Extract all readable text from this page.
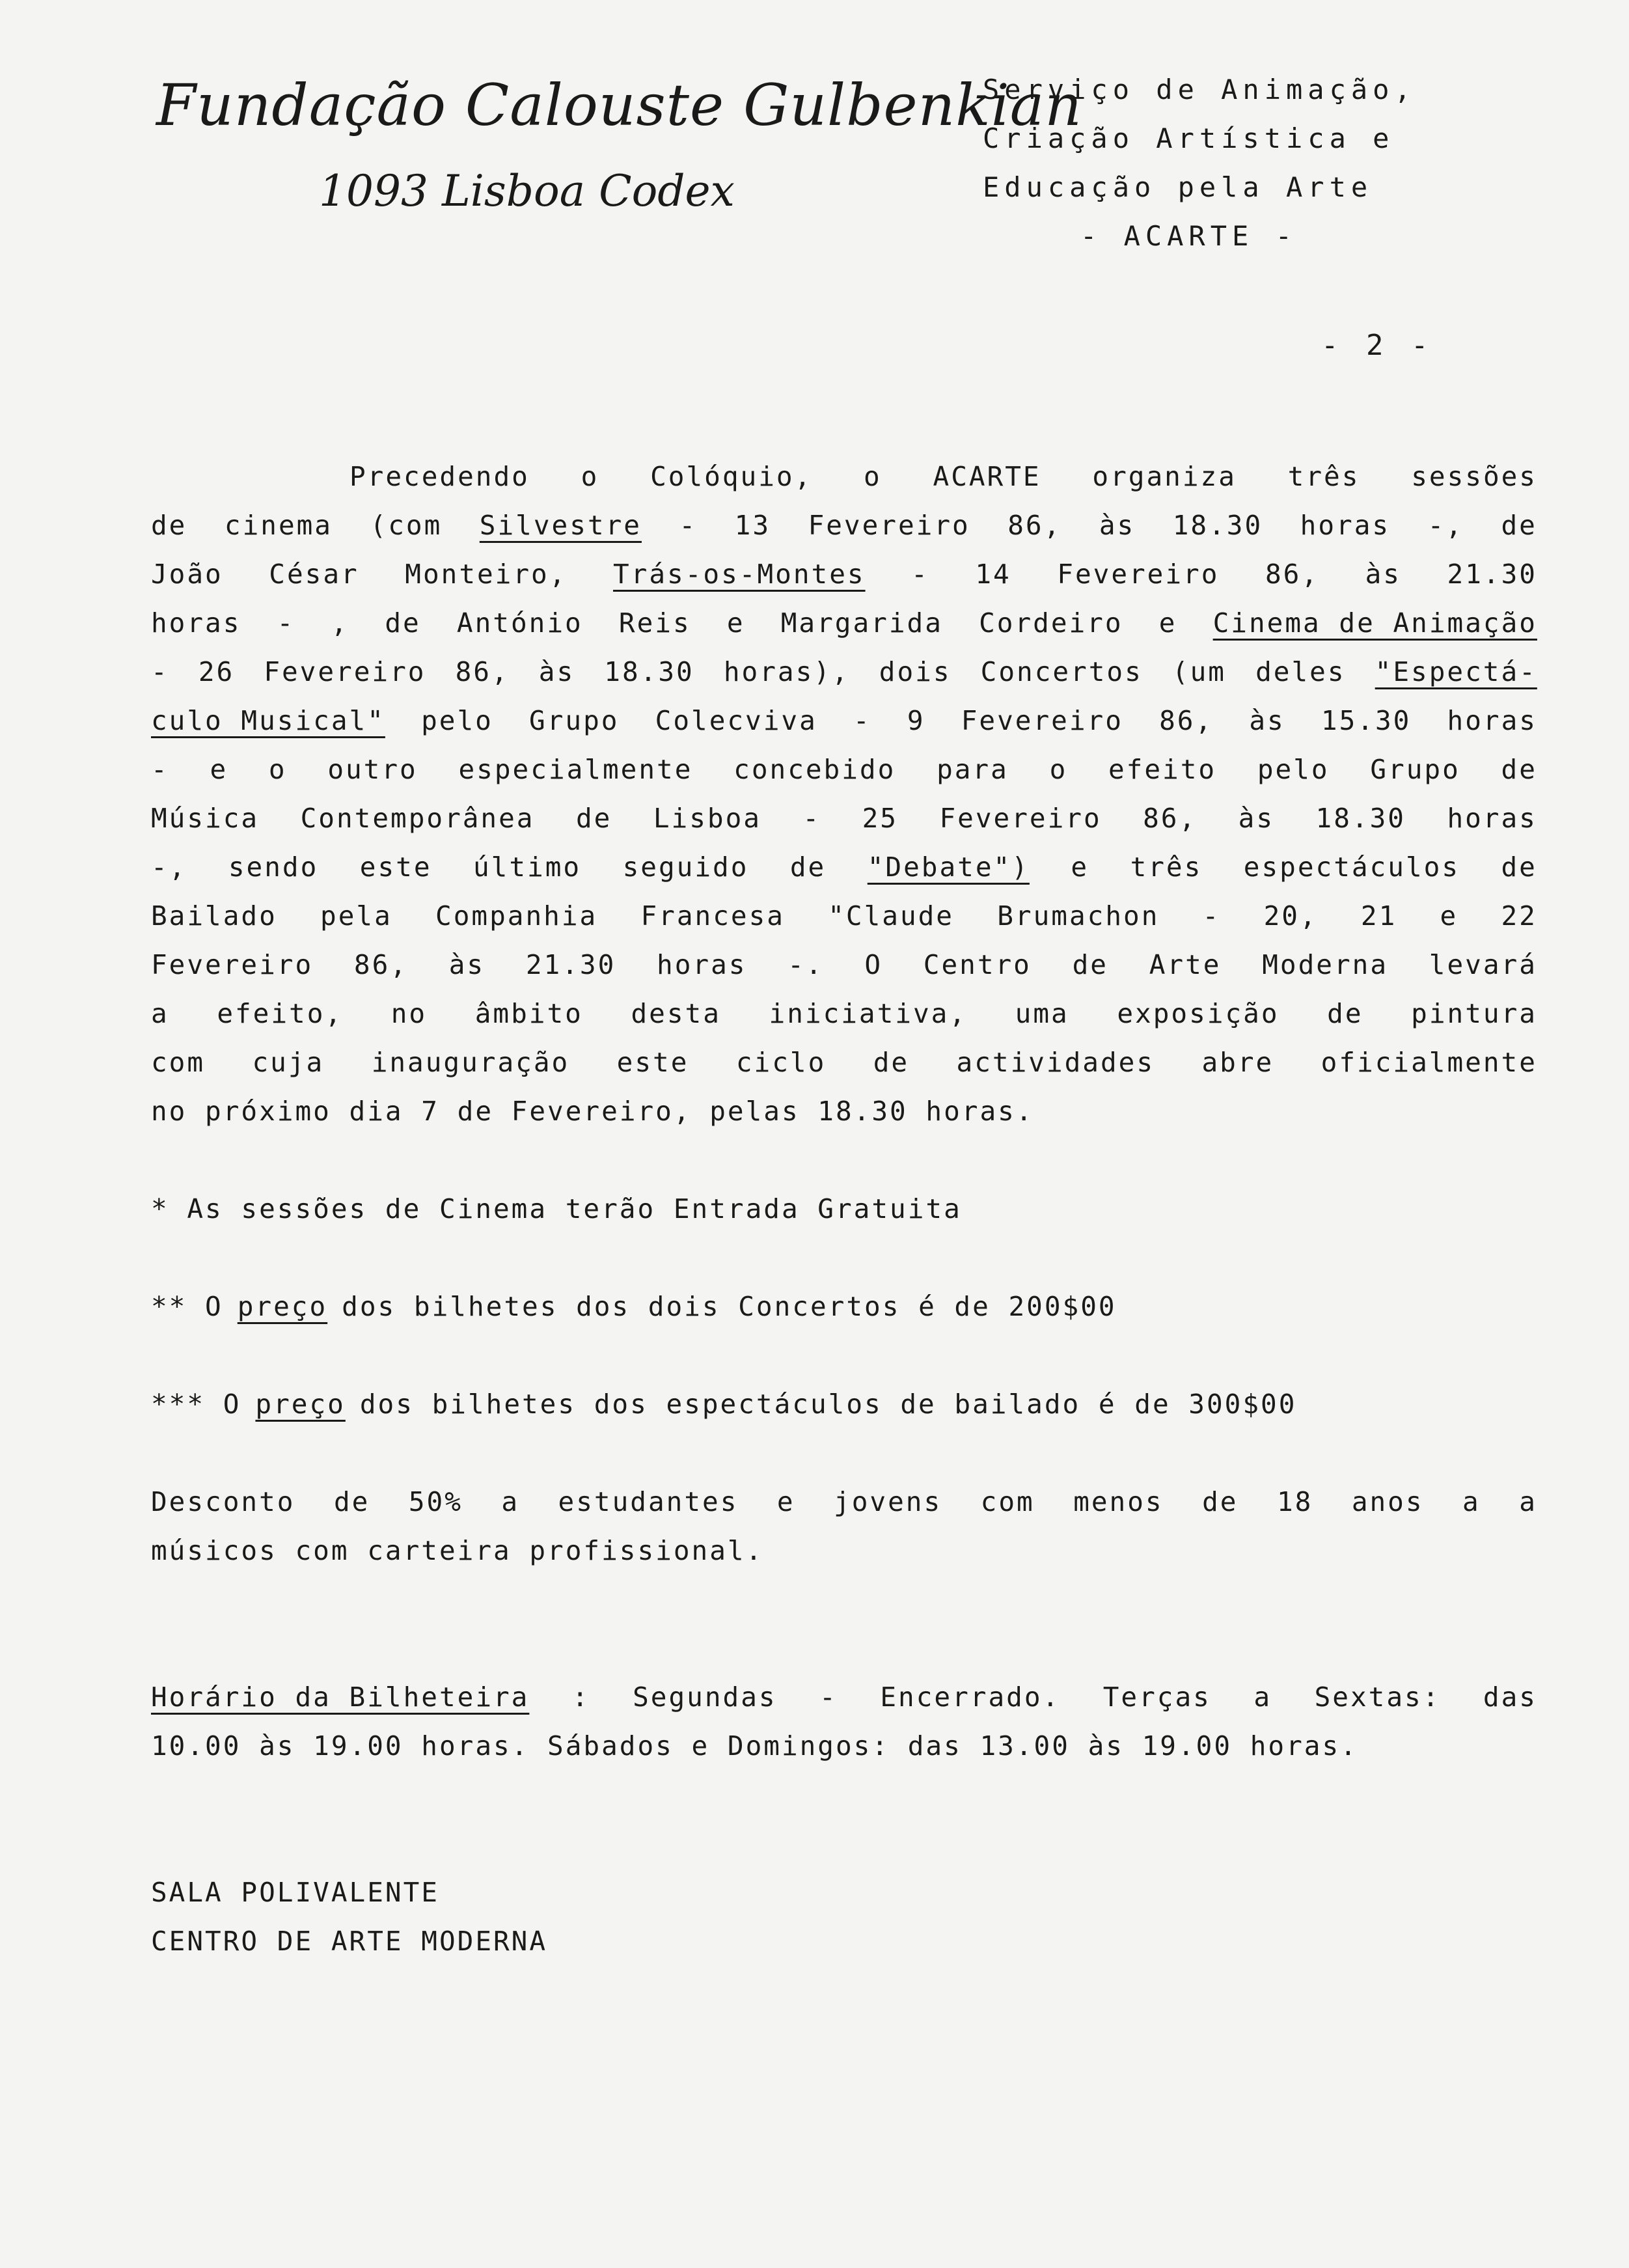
Fundação Calouste Gulbenkian
1093 Lisboa Codex
Serviço de Animação,
Criação Artística e
Educação pela Arte
- ACARTE -
- 2 -
Precedendo o Colóquio, o ACARTE organiza três sessões
de cinema (com Silvestre - 13 Fevereiro 86, às 18.30 horas -, de
João César Monteiro, Trás-os-Montes - 14 Fevereiro 86, às 21.30
horas - , de António Reis e Margarida Cordeiro e Cinema de Animação
- 26 Fevereiro 86, às 18.30 horas), dois Concertos (um deles "Espectá-
culo Musical" pelo Grupo Colecviva - 9 Fevereiro 86, às 15.30 horas
- e o outro especialmente concebido para o efeito pelo Grupo de
Música Contemporânea de Lisboa - 25 Fevereiro 86, às 18.30 horas
-, sendo este último seguido de "Debate") e três espectáculos de
Bailado pela Companhia Francesa "Claude Brumachon - 20, 21 e 22
Fevereiro 86, às 21.30 horas -. O Centro de Arte Moderna levará
a efeito, no âmbito desta iniciativa, uma exposição de pintura
com cuja inauguração este ciclo de actividades abre oficialmente
no próximo dia 7 de Fevereiro, pelas 18.30 horas.
* As sessões de Cinema terão Entrada Gratuita
** O preço dos bilhetes dos dois Concertos é de 200$00
*** O preço dos bilhetes dos espectáculos de bailado é de 300$00
Desconto de 50% a estudantes e jovens com menos de 18 anos a a
músicos com carteira profissional.
Horário da Bilheteira : Segundas - Encerrado. Terças a Sextas: das
10.00 às 19.00 horas. Sábados e Domingos: das 13.00 às 19.00 horas.
SALA POLIVALENTE
CENTRO DE ARTE MODERNA
